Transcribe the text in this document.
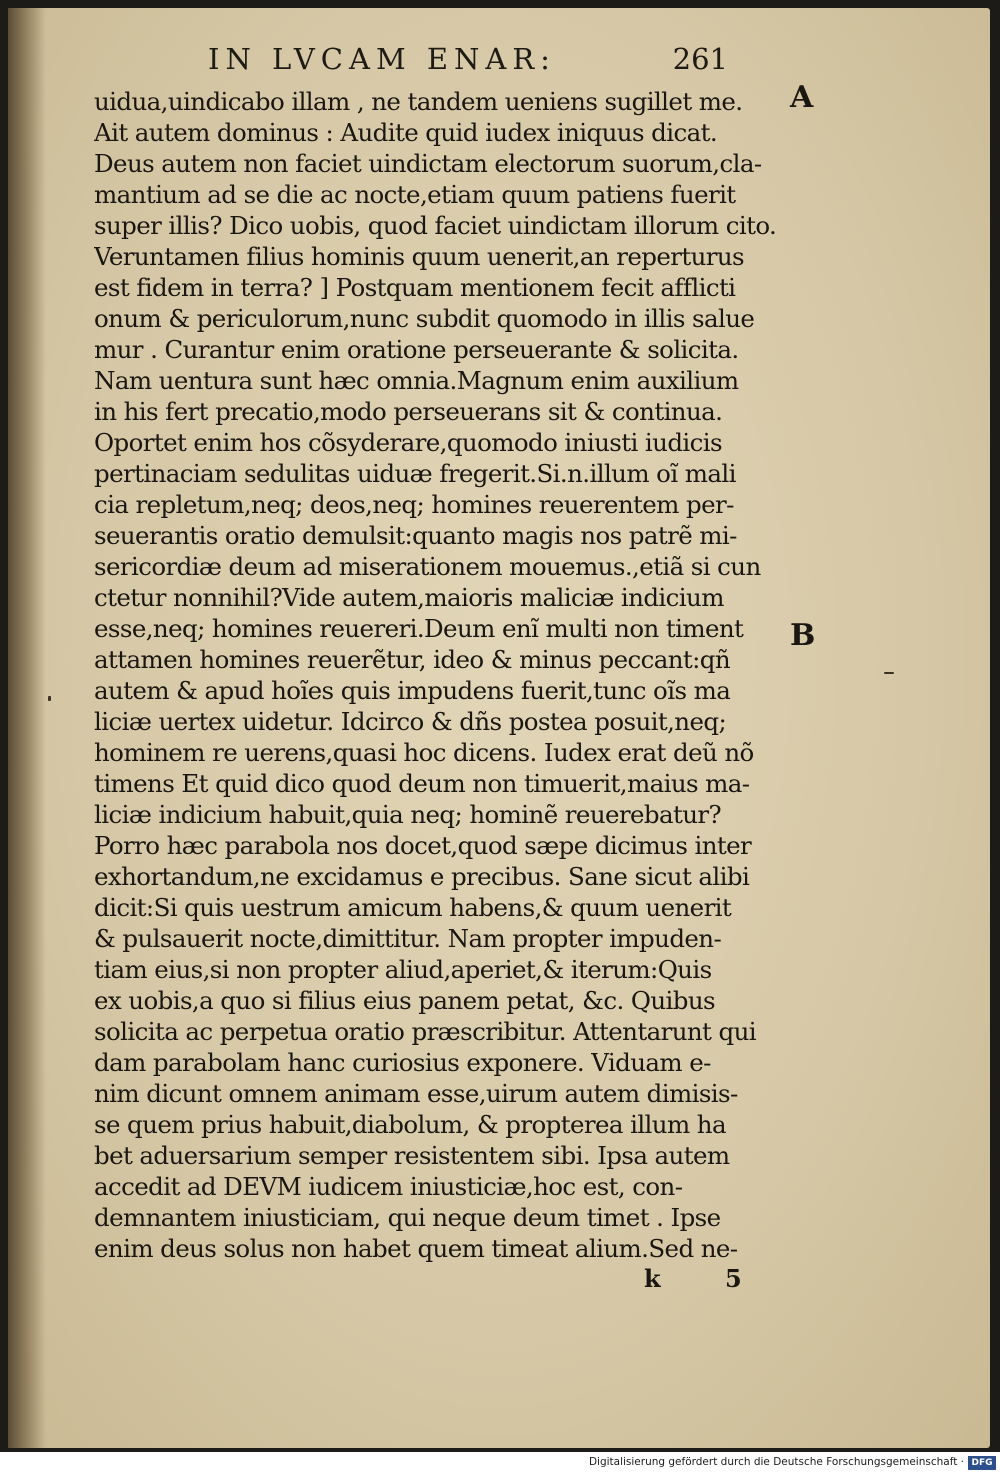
IN LVCAM ENAR:	261
A
B
uidua,uindicabo illam , ne tandem ueniens sugillet me.
Ait autem dominus : Audite quid iudex iniquus dicat.
Deus autem non faciet uindictam electorum suorum,cla-
mantium ad se die ac nocte,etiam quum patiens fuerit
super illis? Dico uobis, quod faciet uindictam illorum cito.
Veruntamen filius hominis quum uenerit,an reperturus
est fidem in terra? ] Postquam mentionem fecit afflicti
onum & periculorum,nunc subdit quomodo in illis salue
mur . Curantur enim oratione perseuerante & solicita.
Nam uentura sunt hæc omnia.Magnum enim auxilium
in his fert precatio,modo perseuerans sit & continua.
Oportet enim hos cõsyderare,quomodo iniusti iudicis
pertinaciam sedulitas uiduæ fregerit.Si.n.illum oĩ mali
cia repletum,neq; deos,neq; homines reuerentem per-
seuerantis oratio demulsit:quanto magis nos patrẽ mi-
sericordiæ deum ad miserationem mouemus.,etiã si cun
ctetur nonnihil?Vide autem,maioris maliciæ indicium
esse,neq; homines reuereri.Deum enĩ multi non timent
attamen homines reuerẽtur, ideo & minus peccant:qñ
autem & apud hoĩes quis impudens fuerit,tunc oĩs ma
liciæ uertex uidetur. Idcirco & dñs postea posuit,neq;
hominem re uerens,quasi hoc dicens. Iudex erat deũ nõ
timens Et quid dico quod deum non timuerit,maius ma-
liciæ indicium habuit,quia neq; hominẽ reuerebatur?
Porro hæc parabola nos docet,quod sæpe dicimus inter
exhortandum,ne excidamus e precibus. Sane sicut alibi
dicit:Si quis uestrum amicum habens,& quum uenerit
& pulsauerit nocte,dimittitur. Nam propter impuden-
tiam eius,si non propter aliud,aperiet,& iterum:Quis
ex uobis,a quo si filius eius panem petat, &c. Quibus
solicita ac perpetua oratio præscribitur. Attentarunt qui
dam parabolam hanc curiosius exponere. Viduam e-
nim dicunt omnem animam esse,uirum autem dimisis-
se quem prius habuit,diabolum, & propterea illum ha
bet aduersarium semper resistentem sibi. Ipsa autem
accedit ad DEVM iudicem iniusticiæ,hoc est, con-
demnantem iniusticiam, qui neque deum timet . Ipse
enim deus solus non habet quem timeat alium.Sed ne-
k 5
Digitalisierung gefördert durch die Deutsche Forschungsgemeinschaft · DFG
